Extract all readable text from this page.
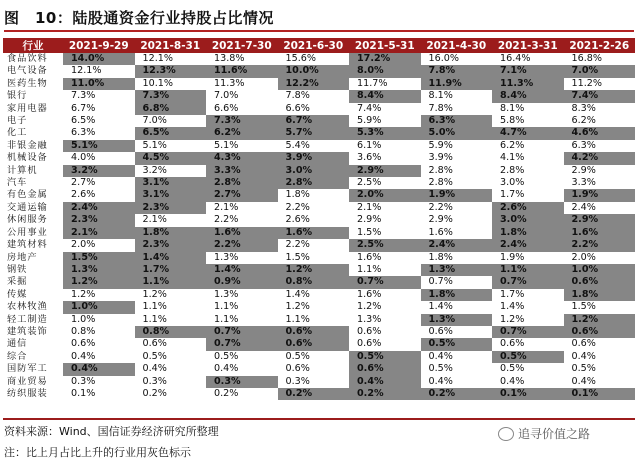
图　10：陆股通资金行业持股占比情况
行业	2021-9-29	2021-8-31	2021-7-30	2021-6-30	2021-5-31	2021-4-30	2021-3-31	2021-2-26
食品饮料	14.0%	12.1%	13.8%	15.6%	17.2%	16.0%	16.4%	16.8%
电气设备	12.1%	12.3%	11.6%	10.0%	8.0%	7.8%	7.1%	7.0%
医药生物	11.0%	10.1%	11.3%	12.2%	11.7%	11.9%	11.3%	11.2%
银行	7.3%	7.3%	7.0%	7.8%	8.4%	8.1%	8.4%	7.4%
家用电器	6.7%	6.8%	6.6%	6.6%	7.4%	7.8%	8.1%	8.3%
电子	6.5%	7.0%	7.3%	6.7%	5.9%	6.3%	5.8%	6.2%
化工	6.3%	6.5%	6.2%	5.7%	5.3%	5.0%	4.7%	4.6%
非银金融	5.1%	5.1%	5.1%	5.4%	6.1%	5.9%	6.2%	6.3%
机械设备	4.0%	4.5%	4.3%	3.9%	3.6%	3.9%	4.1%	4.2%
计算机	3.2%	3.2%	3.3%	3.0%	2.9%	2.8%	2.8%	2.9%
汽车	2.7%	3.1%	2.8%	2.8%	2.5%	2.8%	3.0%	3.3%
有色金属	2.6%	3.1%	2.7%	1.8%	2.0%	1.9%	1.7%	1.9%
交通运输	2.4%	2.3%	2.1%	2.2%	2.1%	2.2%	2.6%	2.4%
休闲服务	2.3%	2.1%	2.2%	2.6%	2.9%	2.9%	3.0%	2.9%
公用事业	2.1%	1.8%	1.6%	1.6%	1.5%	1.6%	1.8%	1.6%
建筑材料	2.0%	2.3%	2.2%	2.2%	2.5%	2.4%	2.4%	2.2%
房地产	1.5%	1.4%	1.3%	1.5%	1.6%	1.8%	1.9%	2.0%
钢铁	1.3%	1.7%	1.4%	1.2%	1.1%	1.3%	1.1%	1.0%
采掘	1.2%	1.1%	0.9%	0.8%	0.7%	0.7%	0.7%	0.6%
传媒	1.2%	1.2%	1.3%	1.4%	1.6%	1.8%	1.7%	1.8%
农林牧渔	1.0%	1.1%	1.1%	1.2%	1.2%	1.4%	1.4%	1.5%
轻工制造	1.0%	1.1%	1.1%	1.1%	1.3%	1.3%	1.2%	1.2%
建筑装饰	0.8%	0.8%	0.7%	0.6%	0.6%	0.6%	0.7%	0.6%
通信	0.6%	0.6%	0.7%	0.6%	0.6%	0.5%	0.6%	0.6%
综合	0.4%	0.5%	0.5%	0.5%	0.5%	0.4%	0.5%	0.4%
国防军工	0.4%	0.4%	0.4%	0.6%	0.6%	0.5%	0.5%	0.5%
商业贸易	0.3%	0.3%	0.3%	0.3%	0.4%	0.4%	0.4%	0.4%
纺织服装	0.1%	0.2%	0.2%	0.2%	0.2%	0.2%	0.1%	0.1%
资料来源：Wind、国信证券经济研究所整理
注：比上月占比上升的行业用灰色标示
追寻价值之路
